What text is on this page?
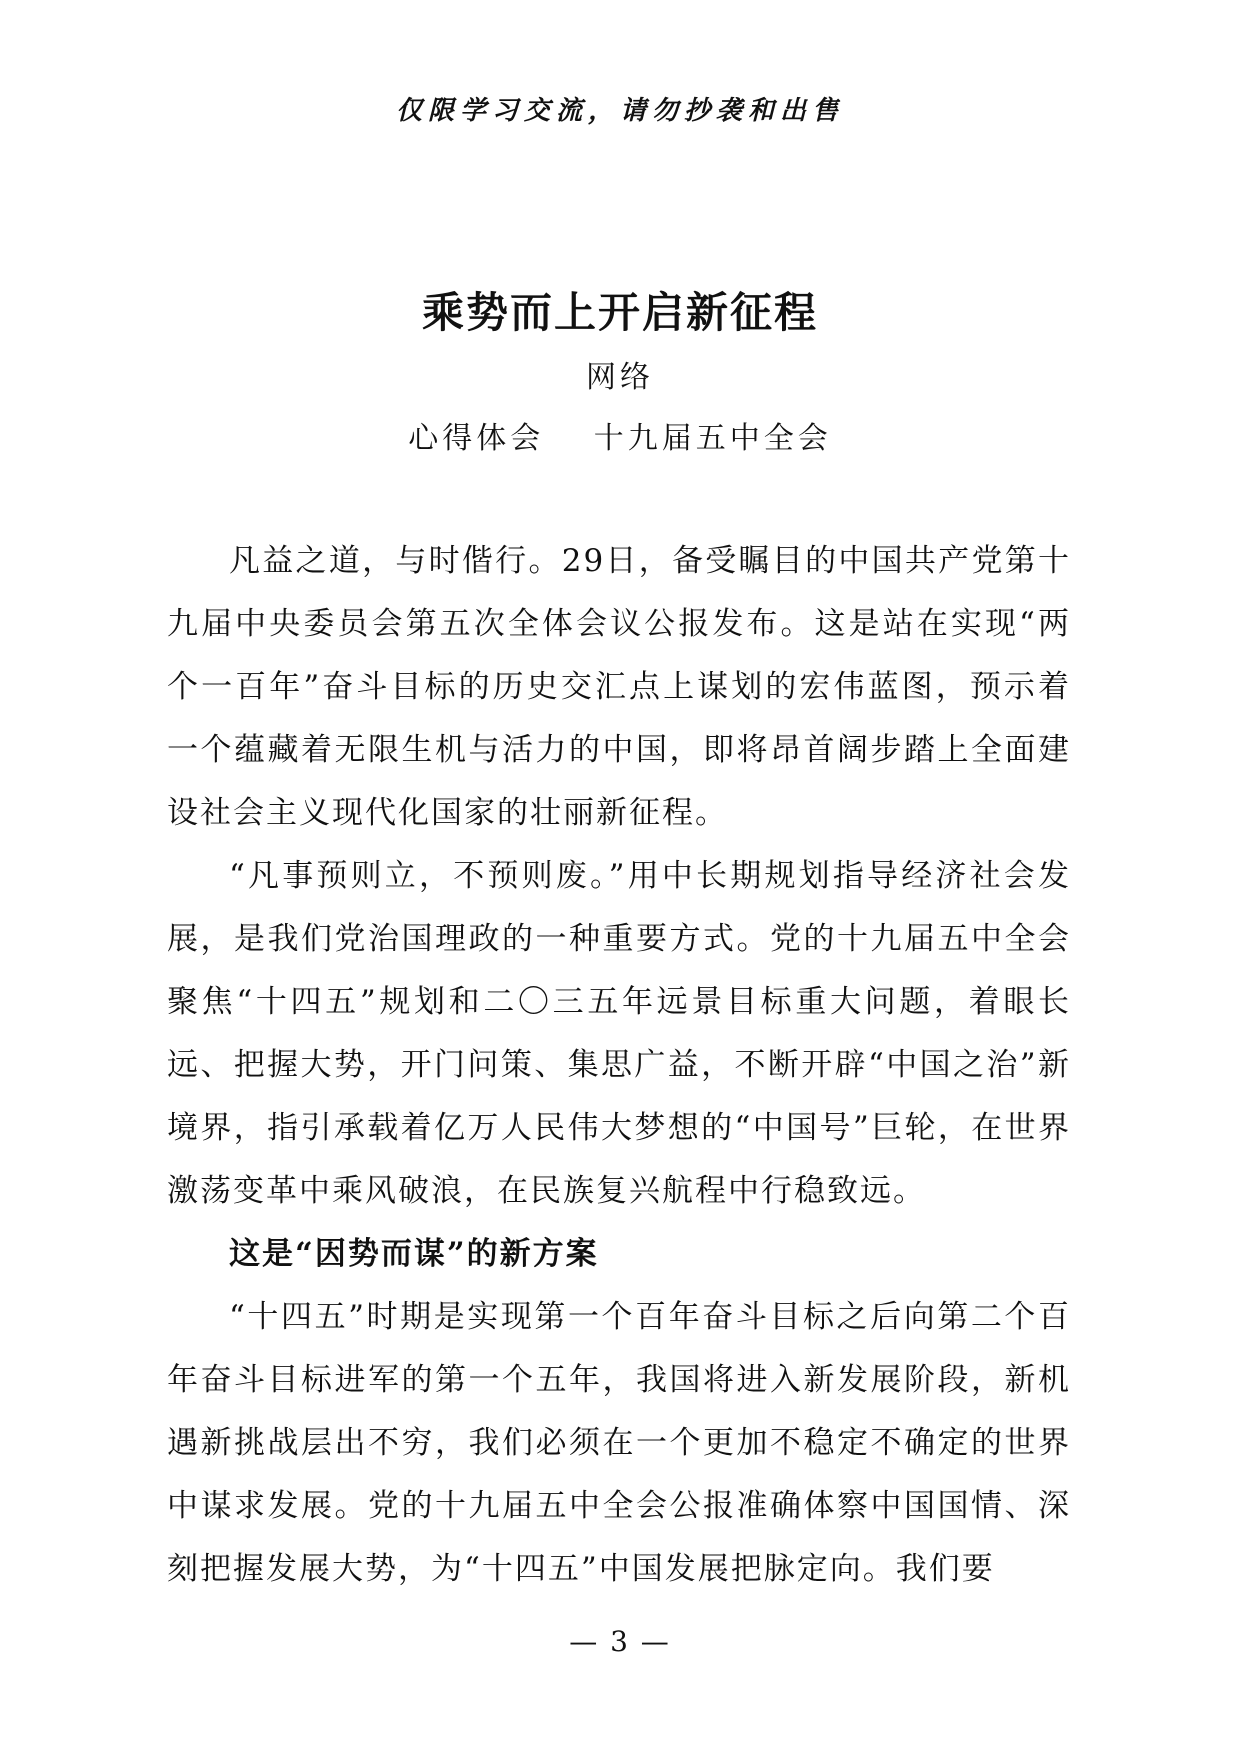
仅限学习交流，请勿抄袭和出售
乘势而上开启新征程
网络
心得体会 十九届五中全会

凡益之道，与时偕行。29日，备受瞩目的中国共产党第十九届中央委员会第五次全体会议公报发布。这是站在实现“两个一百年”奋斗目标的历史交汇点上谋划的宏伟蓝图，预示着一个蕴藏着无限生机与活力的中国，即将昂首阔步踏上全面建设社会主义现代化国家的壮丽新征程。

“凡事预则立，不预则废。”用中长期规划指导经济社会发展，是我们党治国理政的一种重要方式。党的十九届五中全会聚焦“十四五”规划和二〇三五年远景目标重大问题，着眼长远、把握大势，开门问策、集思广益，不断开辟“中国之治”新境界，指引承载着亿万人民伟大梦想的“中国号”巨轮，在世界激荡变革中乘风破浪，在民族复兴航程中行稳致远。

这是“因势而谋”的新方案

“十四五”时期是实现第一个百年奋斗目标之后向第二个百年奋斗目标进军的第一个五年，我国将进入新发展阶段，新机遇新挑战层出不穷，我们必须在一个更加不稳定不确定的世界中谋求发展。党的十九届五中全会公报准确体察中国国情、深刻把握发展大势，为“十四五”中国发展把脉定向。我们要

— 3 —
